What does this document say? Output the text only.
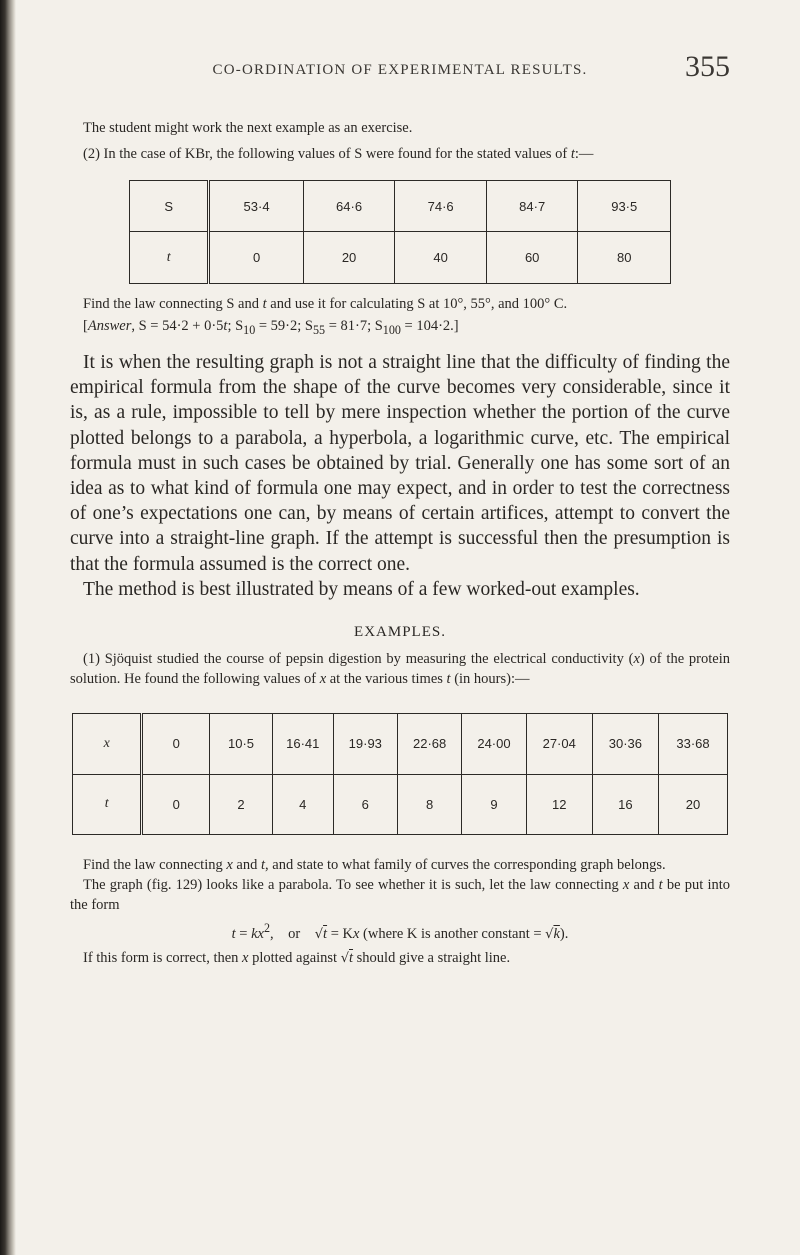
CO-ORDINATION OF EXPERIMENTAL RESULTS.	355

The student might work the next example as an exercise.

(2) In the case of KBr, the following values of S were found for the stated values of t:—

S	53·4	64·6	74·6	84·7	93·5
t	0	20	40	60	80

Find the law connecting S and t and use it for calculating S at 10°, 55°, and 100° C.

[Answer, S = 54·2 + 0·5t; $S_{10} = 59\cdot 2$; $S_{55} = 81\cdot 7$; $S_{100} = 104\cdot 2$.]

It is when the resulting graph is not a straight line that the difficulty of finding the empirical formula from the shape of the curve becomes very considerable, since it is, as a rule, impossible to tell by mere inspection whether the portion of the curve plotted belongs to a parabola, a hyperbola, a logarithmic curve, etc. The empirical formula must in such cases be obtained by trial. Generally one has some sort of an idea as to what kind of formula one may expect, and in order to test the correctness of one’s expectations one can, by means of certain artifices, attempt to convert the curve into a straight-line graph. If the attempt is successful then the presumption is that the formula assumed is the correct one.

The method is best illustrated by means of a few worked-out examples.

EXAMPLES.

(1) Sjöquist studied the course of pepsin digestion by measuring the electrical conductivity (x) of the protein solution. He found the following values of x at the various times t (in hours):—

x	0	10·5	16·41	19·93	22·68	24·00	27·04	30·36	33·68
t	0	2	4	6	8	9	12	16	20

Find the law connecting x and t, and state to what family of curves the corresponding graph belongs.

The graph (fig. 129) looks like a parabola. To see whether it is such, let the law connecting x and t be put into the form

$t = kx^2$,    or    √t = Kx (where K is another constant = √k).

If this form is correct, then x plotted against √t should give a straight line.
